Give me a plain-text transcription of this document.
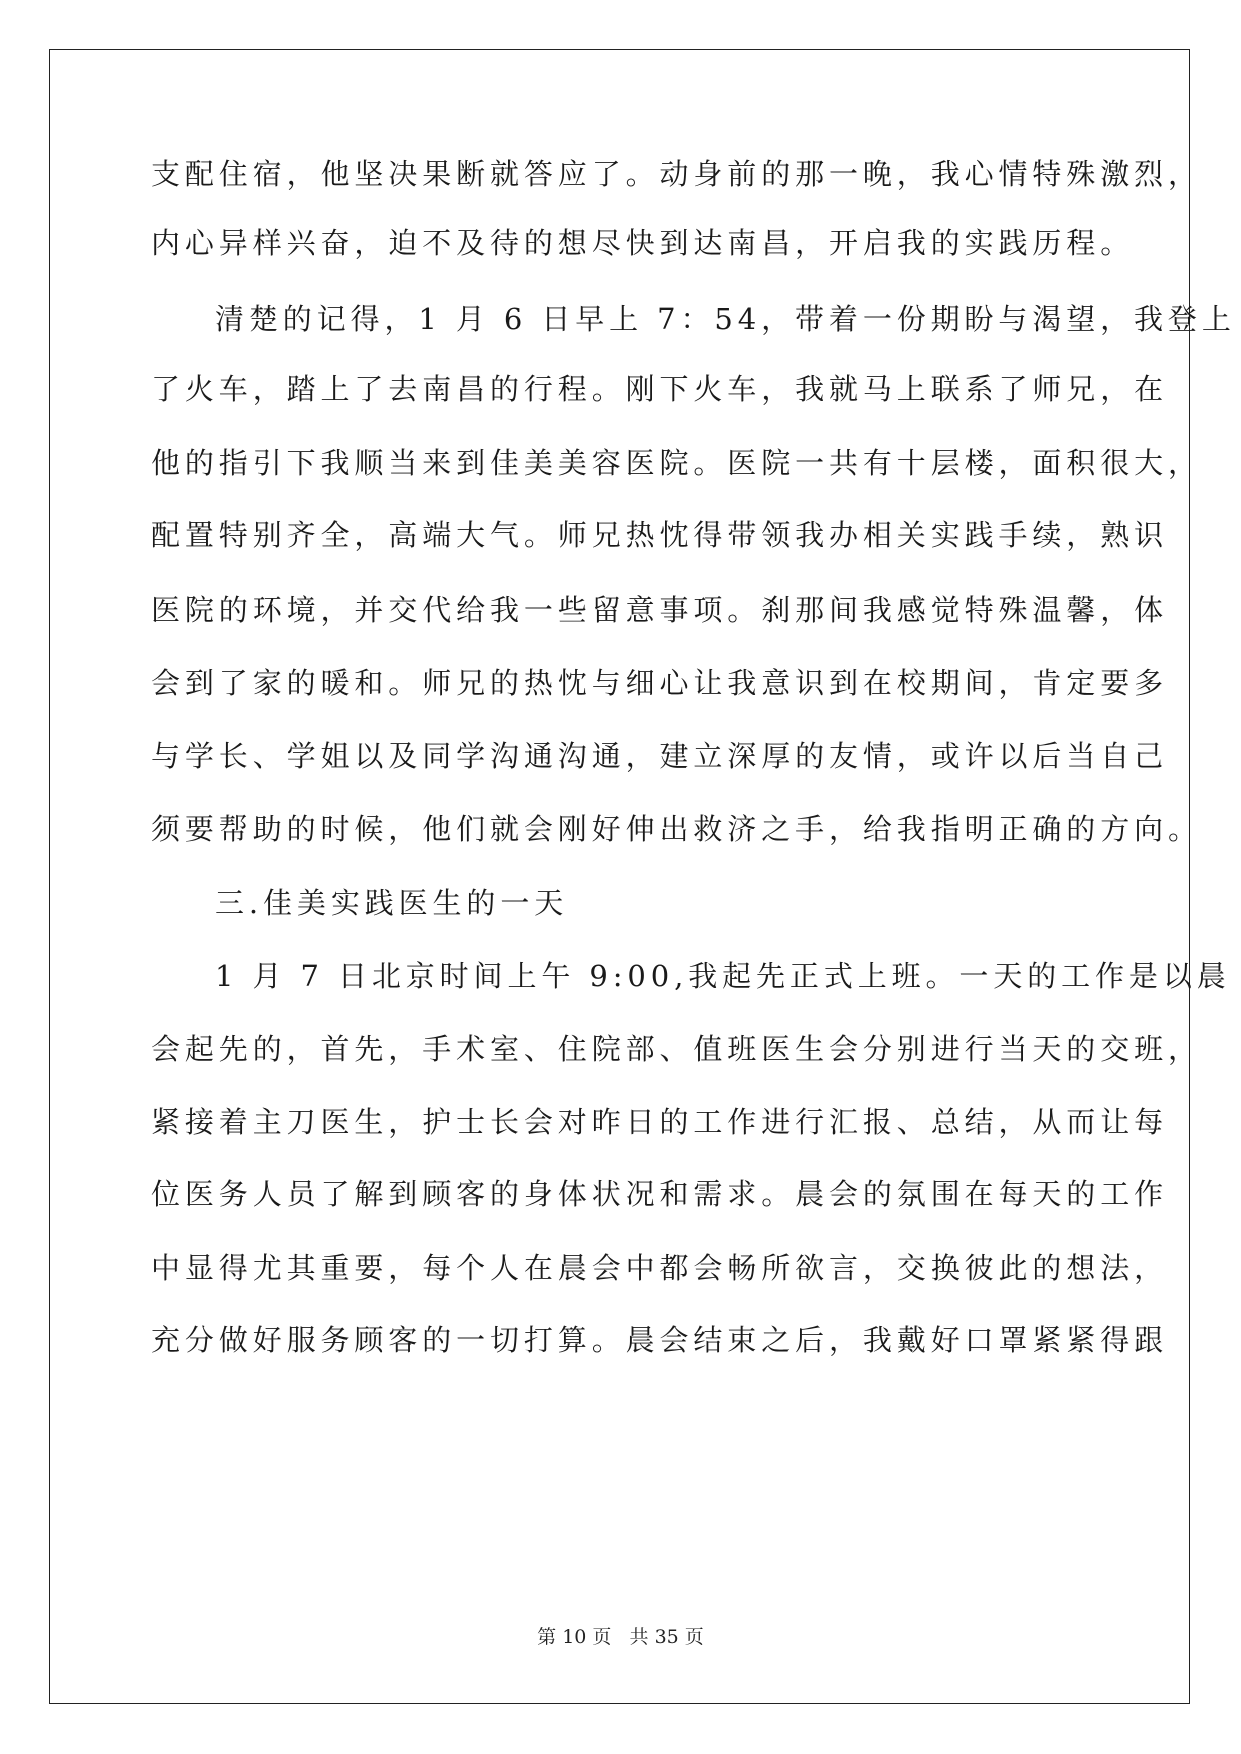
支配住宿，他坚决果断就答应了。动身前的那一晚，我心情特殊激烈，
内心异样兴奋，迫不及待的想尽快到达南昌，开启我的实践历程。
清楚的记得，1 月 6 日早上 7：54，带着一份期盼与渴望，我登上
了火车，踏上了去南昌的行程。刚下火车，我就马上联系了师兄，在
他的指引下我顺当来到佳美美容医院。医院一共有十层楼，面积很大，
配置特别齐全，高端大气。师兄热忱得带领我办相关实践手续，熟识
医院的环境，并交代给我一些留意事项。刹那间我感觉特殊温馨，体
会到了家的暖和。师兄的热忱与细心让我意识到在校期间，肯定要多
与学长、学姐以及同学沟通沟通，建立深厚的友情，或许以后当自己
须要帮助的时候，他们就会刚好伸出救济之手，给我指明正确的方向。
三.佳美实践医生的一天
1 月 7 日北京时间上午 9:00,我起先正式上班。一天的工作是以晨
会起先的，首先，手术室、住院部、值班医生会分别进行当天的交班，
紧接着主刀医生，护士长会对昨日的工作进行汇报、总结，从而让每
位医务人员了解到顾客的身体状况和需求。晨会的氛围在每天的工作
中显得尤其重要，每个人在晨会中都会畅所欲言，交换彼此的想法，
充分做好服务顾客的一切打算。晨会结束之后，我戴好口罩紧紧得跟
第 10 页   共 35 页
